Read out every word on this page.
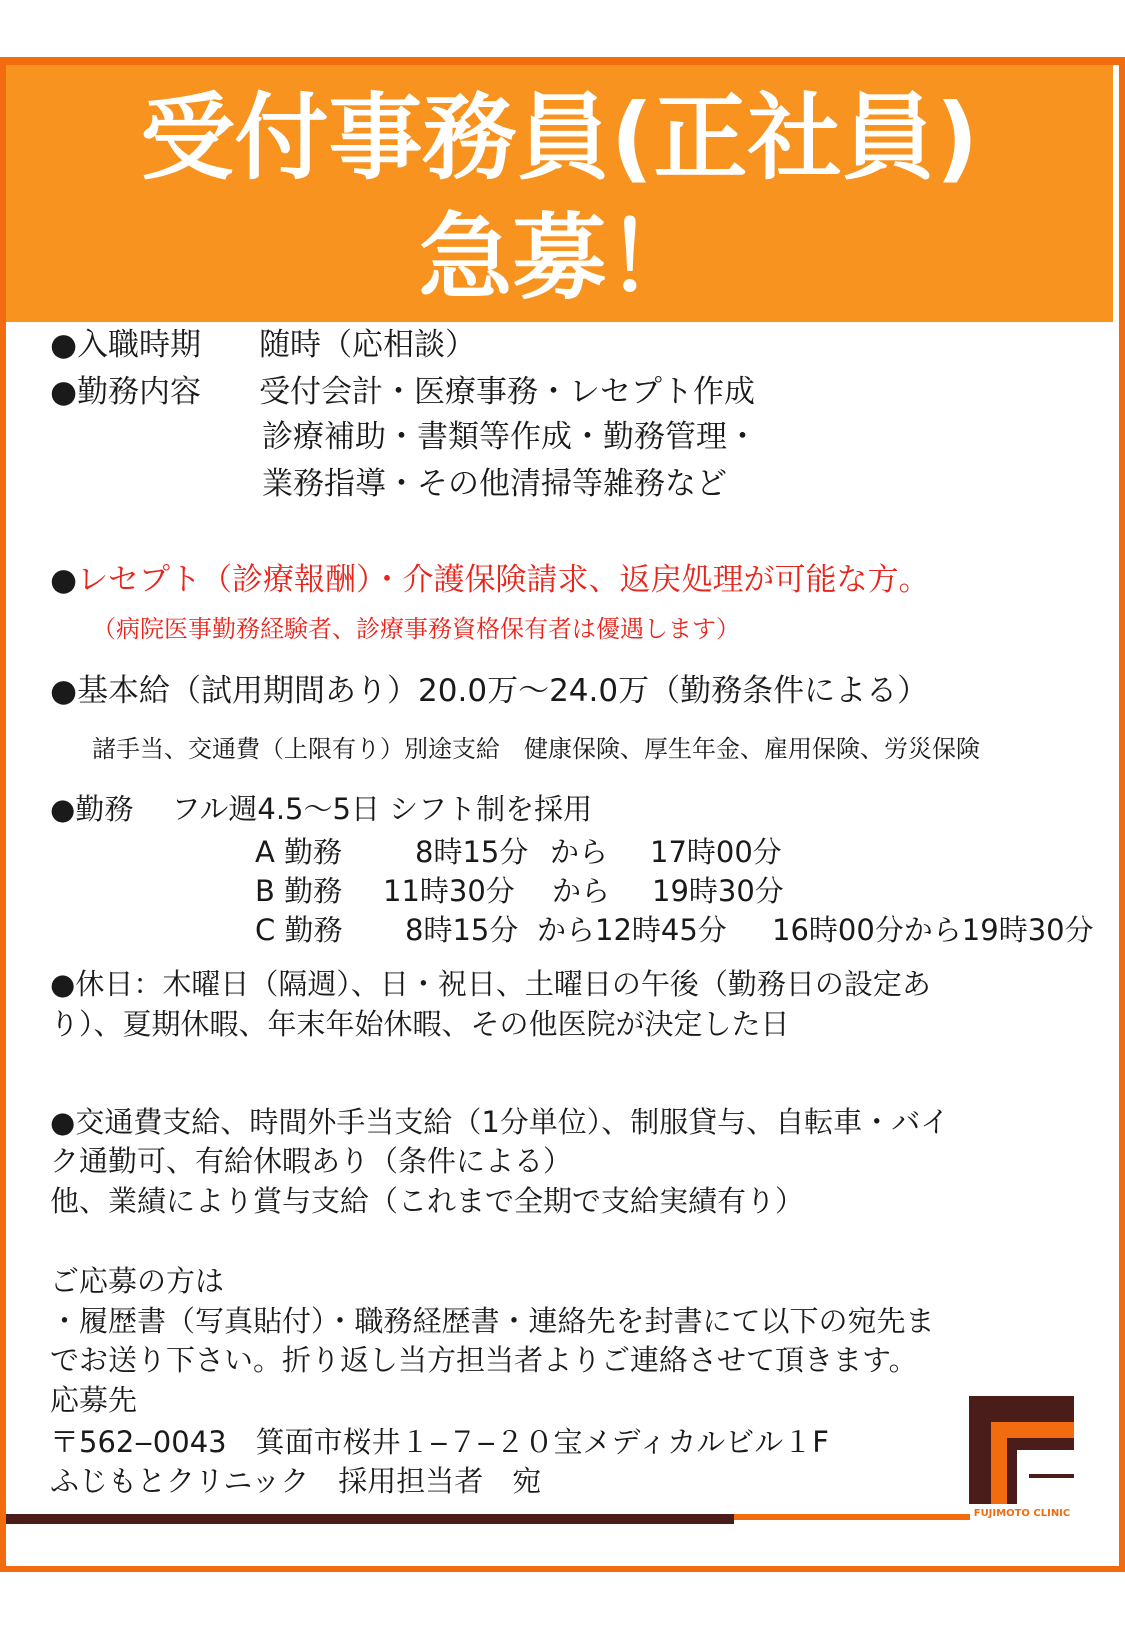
受付事務員(正社員)
急募！
●入職時期 随時（応相談）
●勤務内容 受付会計・医療事務・レセプト作成
診療補助・書類等作成・勤務管理・
業務指導・その他清掃等雑務など
●レセプト（診療報酬）・介護保険請求、返戻処理が可能な方。
（病院医事勤務経験者、診療事務資格保有者は優遇します）
●基本給（試用期間あり）20.0万～24.0万（勤務条件による）
諸手当、交通費（上限有り）別途支給　健康保険、厚生年金、雇用保険、労災保険
●勤務　 フル週4.5～5日 シフト制を採用
A 勤務	8時15分 から 17時00分
B 勤務 11時30分 から 19時30分
C 勤務 8時15分 から12時45分 16時00分から19時30分
●休日：木曜日（隔週）、日・祝日、土曜日の午後（勤務日の設定あ
り）、夏期休暇、年末年始休暇、その他医院が決定した日
●交通費支給、時間外手当支給（1分単位）、制服貸与、自転車・バイ
ク通勤可、有給休暇あり（条件による）
他、業績により賞与支給（これまで全期で支給実績有り）
ご応募の方は
・履歴書（写真貼付）・職務経歴書・連絡先を封書にて以下の宛先ま
でお送り下さい。折り返し当方担当者よりご連絡させて頂きます。
応募先
〒562‒0043　箕面市桜井１‒７‒２０宝メディカルビル１F
ふじもとクリニック　採用担当者　宛
FUJIMOTO CLINIC
